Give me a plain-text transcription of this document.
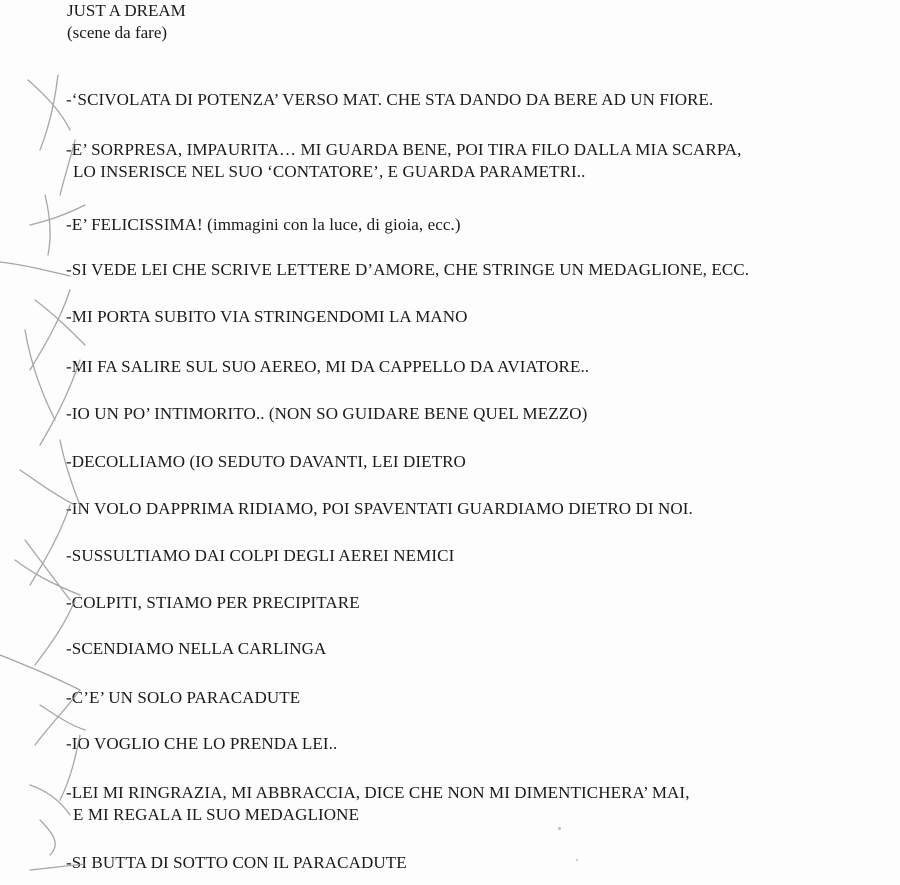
JUST A DREAM
(scene da fare)
-‘SCIVOLATA DI POTENZA’ VERSO MAT. CHE STA DANDO DA BERE AD UN FIORE.
-E’ SORPRESA, IMPAURITA… MI GUARDA BENE, POI TIRA FILO DALLA MIA SCARPA,
LO INSERISCE NEL SUO ‘CONTATORE’, E GUARDA PARAMETRI..
-E’ FELICISSIMA! (immagini con la luce, di gioia, ecc.)
-SI VEDE LEI CHE SCRIVE LETTERE D’AMORE, CHE STRINGE UN MEDAGLIONE, ECC.
-MI PORTA SUBITO VIA STRINGENDOMI LA MANO
-MI FA SALIRE SUL SUO AEREO, MI DA CAPPELLO DA AVIATORE..
-IO UN PO’ INTIMORITO.. (NON SO GUIDARE BENE QUEL MEZZO)
-DECOLLIAMO (IO SEDUTO DAVANTI, LEI DIETRO
-IN VOLO DAPPRIMA RIDIAMO, POI SPAVENTATI GUARDIAMO DIETRO DI NOI.
-SUSSULTIAMO DAI COLPI DEGLI AEREI NEMICI
-COLPITI, STIAMO PER PRECIPITARE
-SCENDIAMO NELLA CARLINGA
-C’E’ UN SOLO PARACADUTE
-IO VOGLIO CHE LO PRENDA LEI..
-LEI MI RINGRAZIA, MI ABBRACCIA, DICE CHE NON MI DIMENTICHERA’ MAI,
E MI REGALA IL SUO MEDAGLIONE
-SI BUTTA DI SOTTO CON IL PARACADUTE
